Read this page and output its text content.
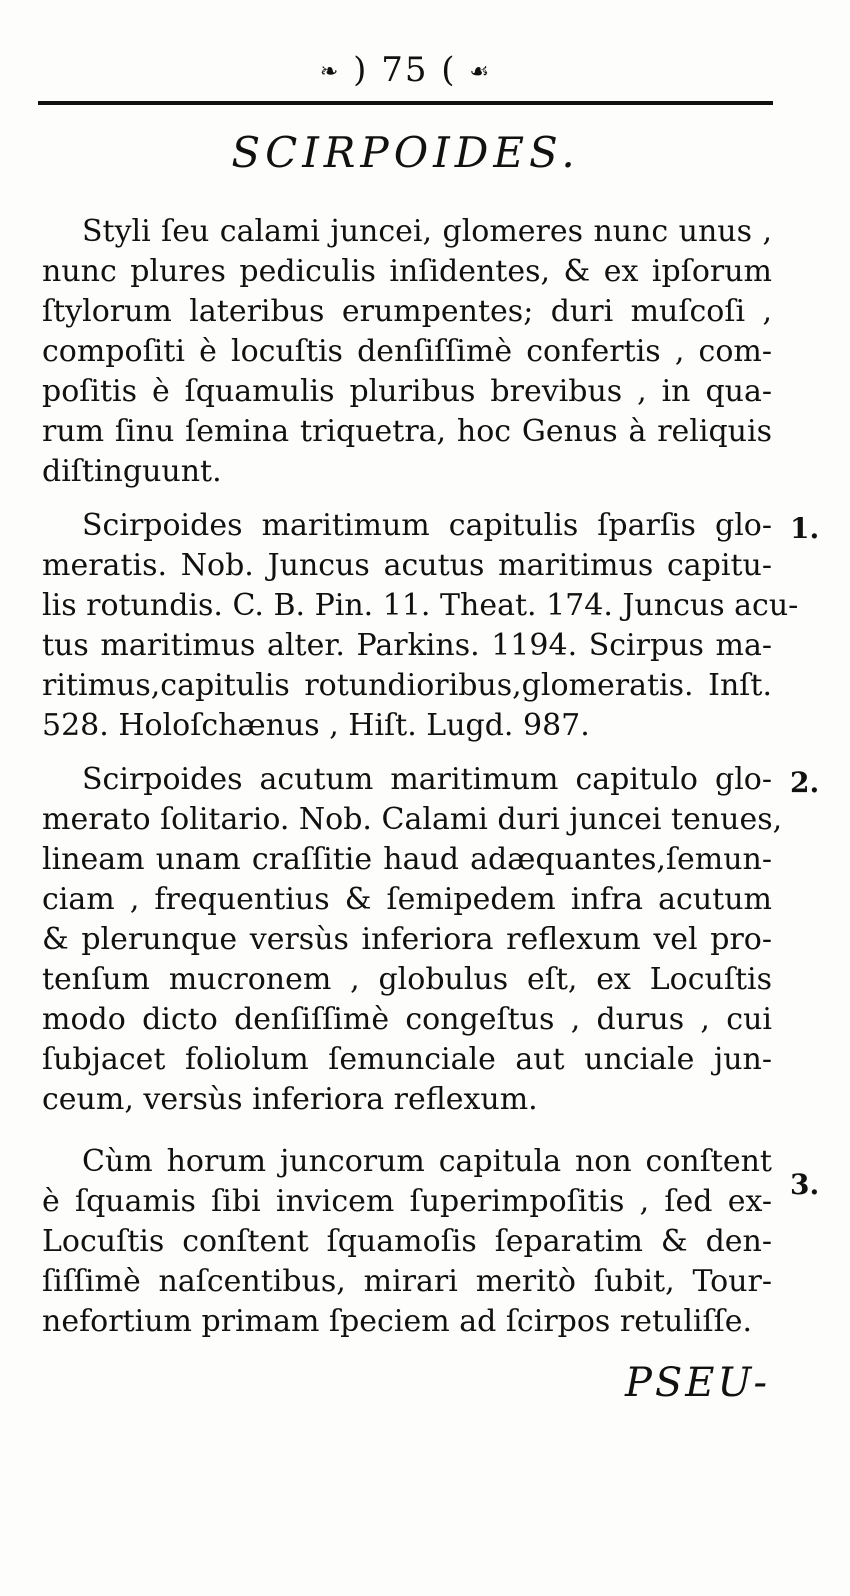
❧ ) 75 ( ☙
SCIRPOIDES.
Styli ſeu calami juncei, glomeres nunc unus ,
nunc plures pediculis inſidentes, & ex ipſorum
ſtylorum lateribus erumpentes; duri muſcoſi ,
compoſiti è locuſtis denſiſſimè confertis , com-
poſitis è ſquamulis pluribus brevibus , in qua-
rum ſinu ſemina triquetra, hoc Genus à reliquis
diſtinguunt.
Scirpoides maritimum capitulis ſparſis glo-
meratis. Nob. Juncus acutus maritimus capitu-
lis rotundis. C. B. Pin. 11. Theat. 174. Juncus acu-
tus maritimus alter. Parkins. 1194. Scirpus ma-
ritimus,capitulis rotundioribus,glomeratis. Inſt.
528. Holoſchænus , Hiſt. Lugd. 987.
1.
Scirpoides acutum maritimum capitulo glo-
merato ſolitario. Nob. Calami duri juncei tenues,
lineam unam craſſitie haud adæquantes,ſemun-
ciam , frequentius & ſemipedem infra acutum
& plerunque versùs inferiora reflexum vel pro-
tenſum mucronem , globulus eſt, ex Locuſtis
modo dicto denſiſſimè congeſtus , durus , cui
ſubjacet foliolum ſemunciale aut unciale jun-
ceum, versùs inferiora reflexum.
2.
Cùm horum juncorum capitula non conſtent
è ſquamis ſibi invicem ſuperimpoſitis , ſed ex-
Locuſtis conſtent ſquamoſis ſeparatim & den-
ſiſſimè naſcentibus, mirari meritò ſubit, Tour-
nefortium primam ſpeciem ad ſcirpos retuliſſe.
3.
PSEU-
